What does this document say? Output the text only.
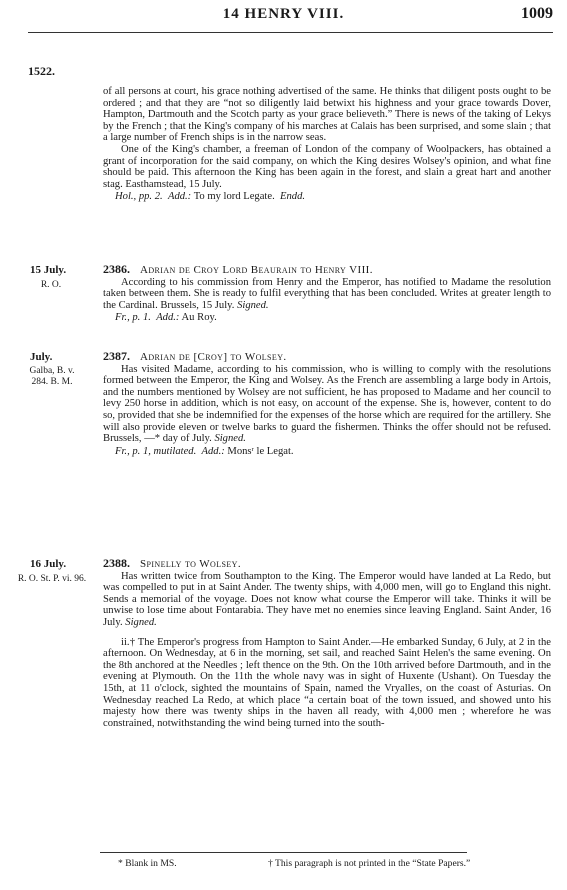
14 HENRY VIII.	1009
1522.

of all persons at court, his grace nothing advertised of the same. He thinks that diligent posts ought to be ordered ; and that they are “not so diligently laid betwixt his highness and your grace towards Dover, Hampton, Dartmouth and the Scotch party as your grace believeth.” There is news of the taking of Lekys by the French ; that the King's company of his marches at Calais has been surprised, and some slain ; that a large number of French ships is in the narrow seas.

One of the King's chamber, a freeman of London of the company of Woolpackers, has obtained a grant of incorporation for the said company, on which the King desires Wolsey's opinion, and what fine should be paid. This afternoon the King has been again in the forest, and slain a great hart and another stag. Easthamstead, 15 July.

Hol., pp. 2. Add.: To my lord Legate. Endd.

15 July.
R. O.

2386. Adrian de Croy Lord Beaurain to Henry VIII.

According to his commission from Henry and the Emperor, has notified to Madame the resolution taken between them. She is ready to fulfil everything that has been concluded. Writes at greater length to the Cardinal. Brussels, 15 July. Signed.

Fr., p. 1. Add.: Au Roy.

July.
Galba, B. v. 284. B. M.

2387. Adrian de [Croy] to Wolsey.

Has visited Madame, according to his commission, who is willing to comply with the resolutions formed between the Emperor, the King and Wolsey. As the French are assembling a large body in Artois, and the numbers mentioned by Wolsey are not sufficient, he has proposed to Madame and her council to levy 250 horse in addition, which is not easy, on account of the expense. She is, however, content to do so, provided that she be indemnified for the expenses of the horse which are required for the artillery. She will also provide eleven or twelve barks to guard the fishermen. Thinks the offer should not be refused. Brussels, —* day of July. Signed.

Fr., p. 1, mutilated. Add.: Monsʳ le Legat.

16 July.
R. O. St. P. vi. 96.

2388. Spinelly to Wolsey.

Has written twice from Southampton to the King. The Emperor would have landed at La Redo, but was compelled to put in at Saint Ander. The twenty ships, with 4,000 men, will go to England this night. Sends a memorial of the voyage. Does not know what course the Emperor will take. Thinks it will be unwise to lose time about Fontarabia. They have met no enemies since leaving England. Saint Ander, 16 July. Signed.

ii.† The Emperor's progress from Hampton to Saint Ander.—He embarked Sunday, 6 July, at 2 in the afternoon. On Wednesday, at 6 in the morning, set sail, and reached Saint Helen's the same evening. On the 8th anchored at the Needles ; left thence on the 9th. On the 10th arrived before Dartmouth, and in the evening at Plymouth. On the 11th the whole navy was in sight of Huxente (Ushant). On Tuesday the 15th, at 11 o'clock, sighted the mountains of Spain, named the Vryalles, on the coast of Asturias. On Wednesday reached La Redo, at which place “a certain boat of the town issued, and showed unto his majesty how there was twenty ships in the haven all ready, with 4,000 men ; wherefore he was constrained, notwithstanding the wind being turned into the south-

* Blank in MS.	† This paragraph is not printed in the “State Papers.”
